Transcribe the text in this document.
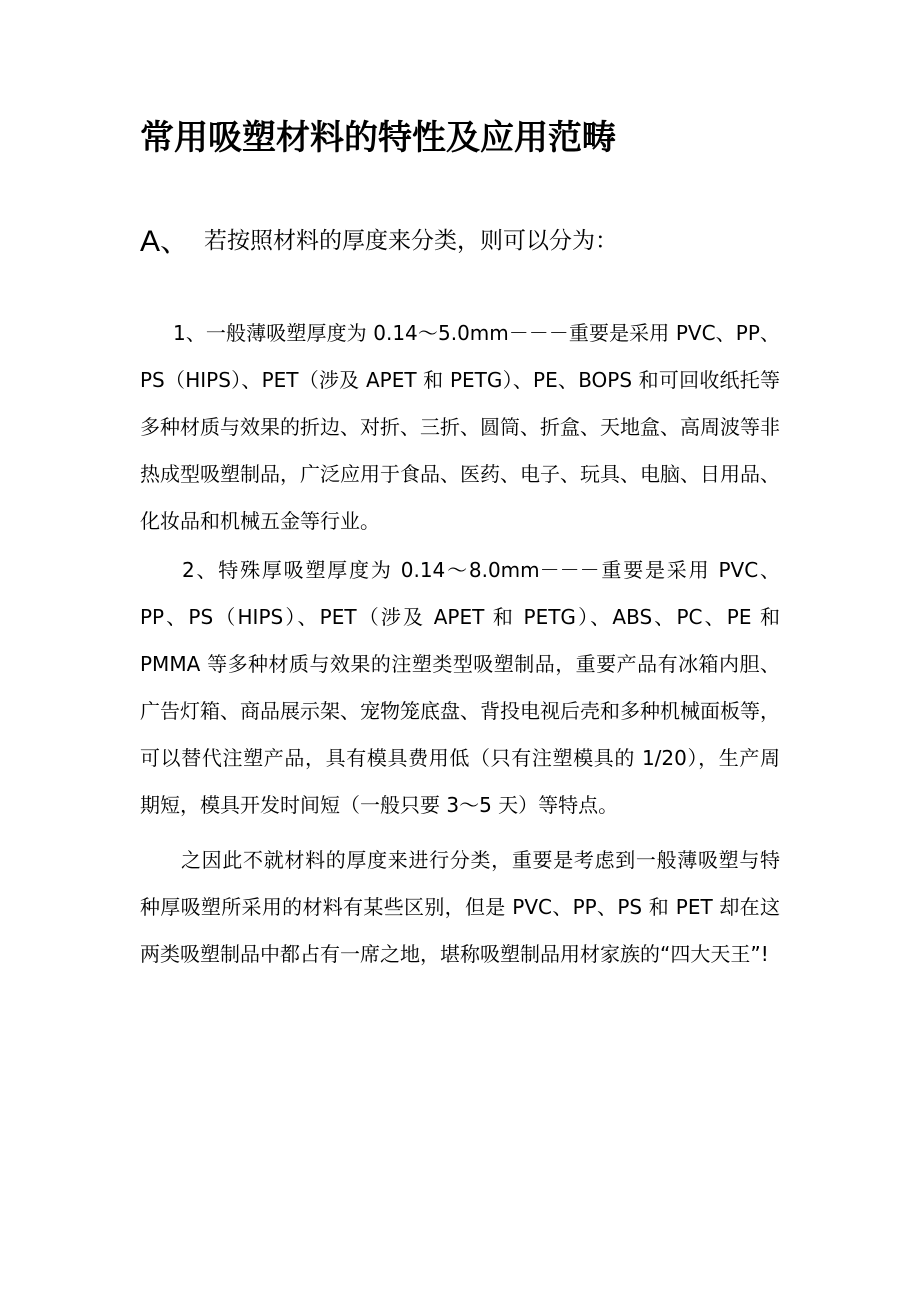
常用吸塑材料的特性及应用范畴
A、 若按照材料的厚度来分类，则可以分为：

1、一般薄吸塑厚度为 0.14～5.0mm－－－重要是采用 PVC、PP、PS（HIPS）、PET（涉及 APET 和 PETG）、PE、BOPS 和可回收纸托等多种材质与效果的折边、对折、三折、圆筒、折盒、天地盒、高周波等非热成型吸塑制品，广泛应用于食品、医药、电子、玩具、电脑、日用品、化妆品和机械五金等行业。

2、特殊厚吸塑厚度为 0.14～8.0mm－－－重要是采用 PVC、PP、PS（HIPS）、PET（涉及 APET 和 PETG）、ABS、PC、PE 和 PMMA 等多种材质与效果的注塑类型吸塑制品，重要产品有冰箱内胆、广告灯箱、商品展示架、宠物笼底盘、背投电视后壳和多种机械面板等，可以替代注塑产品，具有模具费用低（只有注塑模具的 1/20），生产周期短，模具开发时间短（一般只要 3～5 天）等特点。

之因此不就材料的厚度来进行分类，重要是考虑到一般薄吸塑与特种厚吸塑所采用的材料有某些区别，但是 PVC、PP、PS 和 PET 却在这两类吸塑制品中都占有一席之地，堪称吸塑制品用材家族的“四大天王”!
